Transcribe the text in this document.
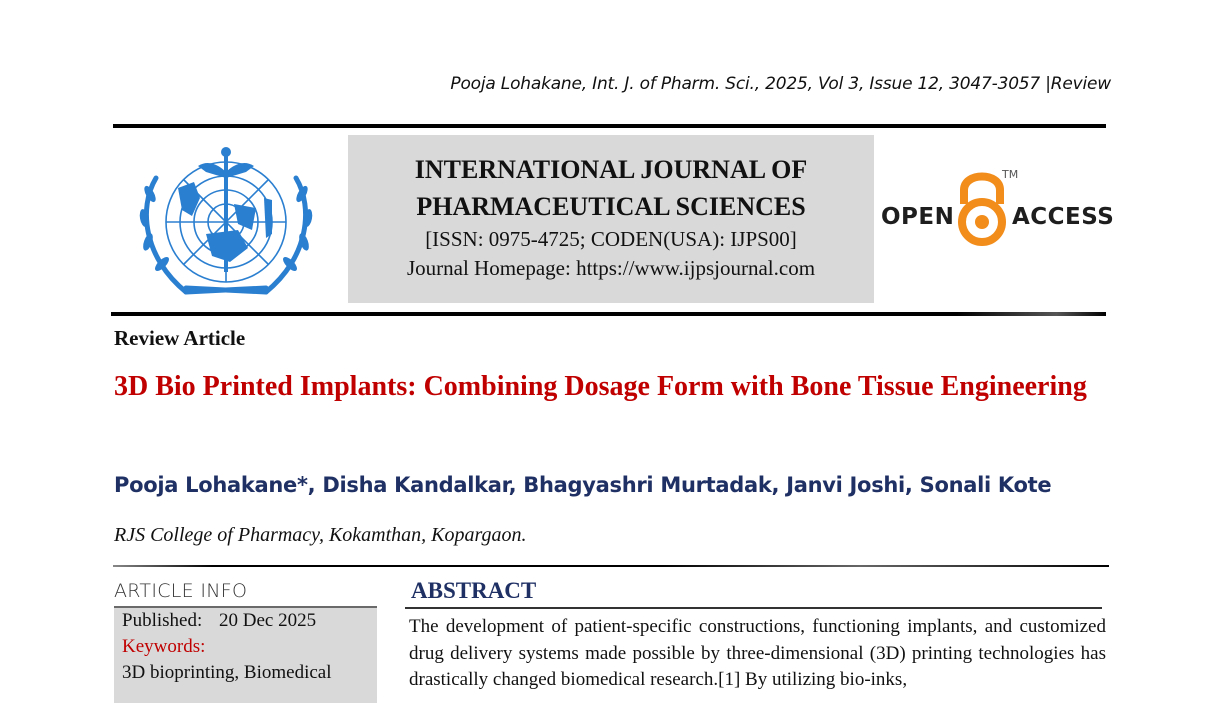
Pooja Lohakane, Int. J. of Pharm. Sci., 2025, Vol 3, Issue 12, 3047-3057 |Review
INTERNATIONAL JOURNAL OF
PHARMACEUTICAL SCIENCES
[ISSN: 0975-4725; CODEN(USA): IJPS00]
Journal Homepage: https://www.ijpsjournal.com
OPEN
TM
ACCESS
Review Article
3D Bio Printed Implants: Combining Dosage Form with Bone Tissue Engineering
Pooja Lohakane*, Disha Kandalkar, Bhagyashri Murtadak, Janvi Joshi, Sonali Kote
RJS College of Pharmacy, Kokamthan, Kopargaon.
ARTICLE INFO
Published: 20 Dec 2025
Keywords:
3D bioprinting, Biomedical
ABSTRACT
The development of patient-specific constructions, functioning implants, and customized drug delivery systems made possible by three-dimensional (3D) printing technologies has drastically changed biomedical research.[1] By utilizing bio-inks,
